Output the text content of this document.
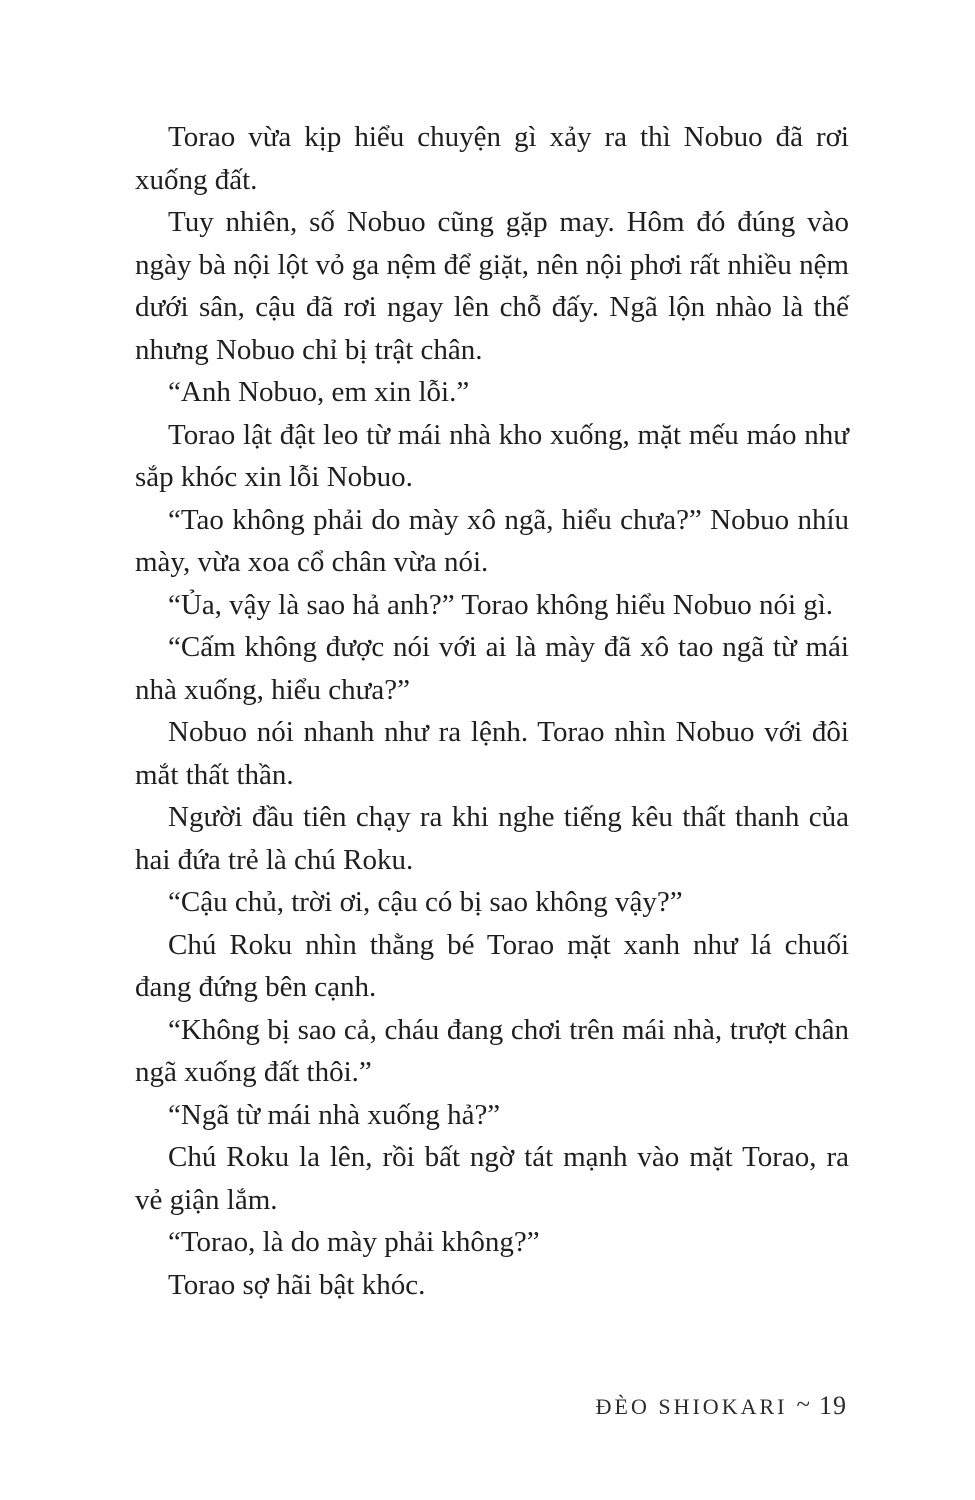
Torao vừa kịp hiểu chuyện gì xảy ra thì Nobuo đã rơi xuống đất.

Tuy nhiên, số Nobuo cũng gặp may. Hôm đó đúng vào ngày bà nội lột vỏ ga nệm để giặt, nên nội phơi rất nhiều nệm dưới sân, cậu đã rơi ngay lên chỗ đấy. Ngã lộn nhào là thế nhưng Nobuo chỉ bị trật chân.

“Anh Nobuo, em xin lỗi.”

Torao lật đật leo từ mái nhà kho xuống, mặt mếu máo như sắp khóc xin lỗi Nobuo.

“Tao không phải do mày xô ngã, hiểu chưa?” Nobuo nhíu mày, vừa xoa cổ chân vừa nói.

“Ủa, vậy là sao hả anh?” Torao không hiểu Nobuo nói gì.

“Cấm không được nói với ai là mày đã xô tao ngã từ mái nhà xuống, hiểu chưa?”

Nobuo nói nhanh như ra lệnh. Torao nhìn Nobuo với đôi mắt thất thần.

Người đầu tiên chạy ra khi nghe tiếng kêu thất thanh của hai đứa trẻ là chú Roku.

“Cậu chủ, trời ơi, cậu có bị sao không vậy?”

Chú Roku nhìn thằng bé Torao mặt xanh như lá chuối đang đứng bên cạnh.

“Không bị sao cả, cháu đang chơi trên mái nhà, trượt chân ngã xuống đất thôi.”

“Ngã từ mái nhà xuống hả?”

Chú Roku la lên, rồi bất ngờ tát mạnh vào mặt Torao, ra vẻ giận lắm.

“Torao, là do mày phải không?”

Torao sợ hãi bật khóc.

ĐÈO SHIOKARI ~ 19
